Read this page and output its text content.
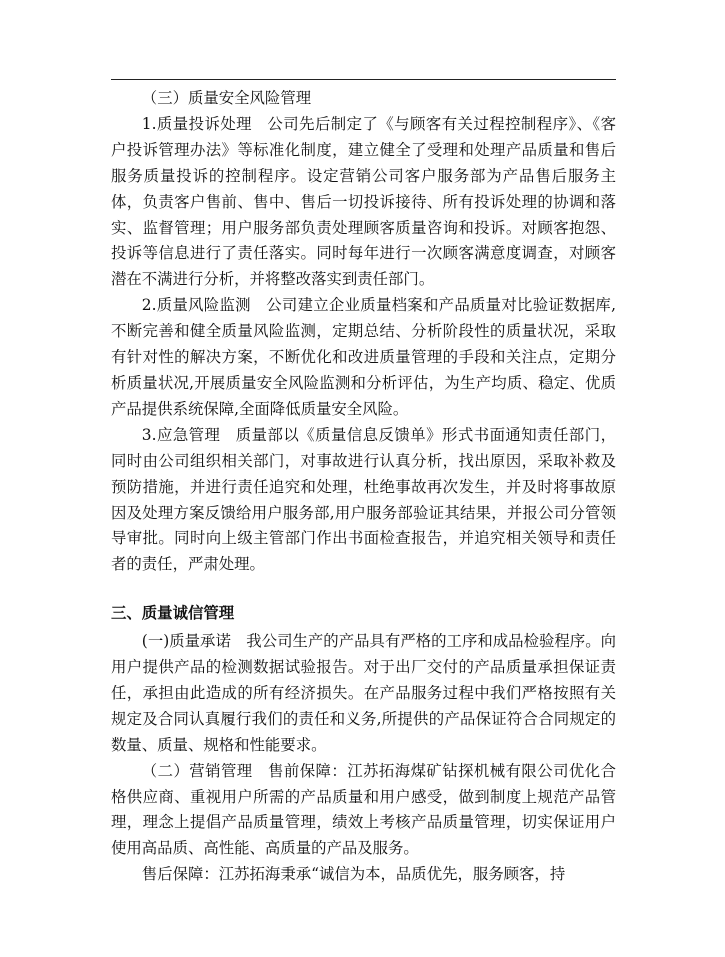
（三）质量安全风险管理

1.质量投诉处理 公司先后制定了《与顾客有关过程控制程序》、《客户投诉管理办法》等标准化制度，建立健全了受理和处理产品质量和售后服务质量投诉的控制程序。设定营销公司客户服务部为产品售后服务主体，负责客户售前、售中、售后一切投诉接待、所有投诉处理的协调和落实、监督管理；用户服务部负责处理顾客质量咨询和投诉。对顾客抱怨、投诉等信息进行了责任落实。同时每年进行一次顾客满意度调查，对顾客潜在不满进行分析，并将整改落实到责任部门。

2.质量风险监测 公司建立企业质量档案和产品质量对比验证数据库,不断完善和健全质量风险监测，定期总结、分析阶段性的质量状况，采取有针对性的解决方案，不断优化和改进质量管理的手段和关注点，定期分析质量状况,开展质量安全风险监测和分析评估，为生产均质、稳定、优质产品提供系统保障,全面降低质量安全风险。

3.应急管理 质量部以《质量信息反馈单》形式书面通知责任部门，同时由公司组织相关部门，对事故进行认真分析，找出原因，采取补救及预防措施，并进行责任追究和处理，杜绝事故再次发生，并及时将事故原因及处理方案反馈给用户服务部,用户服务部验证其结果，并报公司分管领导审批。同时向上级主管部门作出书面检查报告，并追究相关领导和责任者的责任，严肃处理。

三、质量诚信管理

(一)质量承诺 我公司生产的产品具有严格的工序和成品检验程序。向用户提供产品的检测数据试验报告。对于出厂交付的产品质量承担保证责任，承担由此造成的所有经济损失。在产品服务过程中我们严格按照有关规定及合同认真履行我们的责任和义务,所提供的产品保证符合合同规定的数量、质量、规格和性能要求。

（二）营销管理 售前保障：江苏拓海煤矿钻探机械有限公司优化合格供应商、重视用户所需的产品质量和用户感受，做到制度上规范产品管理，理念上提倡产品质量管理，绩效上考核产品质量管理，切实保证用户使用高品质、高性能、高质量的产品及服务。

售后保障：江苏拓海秉承“诚信为本，品质优先，服务顾客，持
